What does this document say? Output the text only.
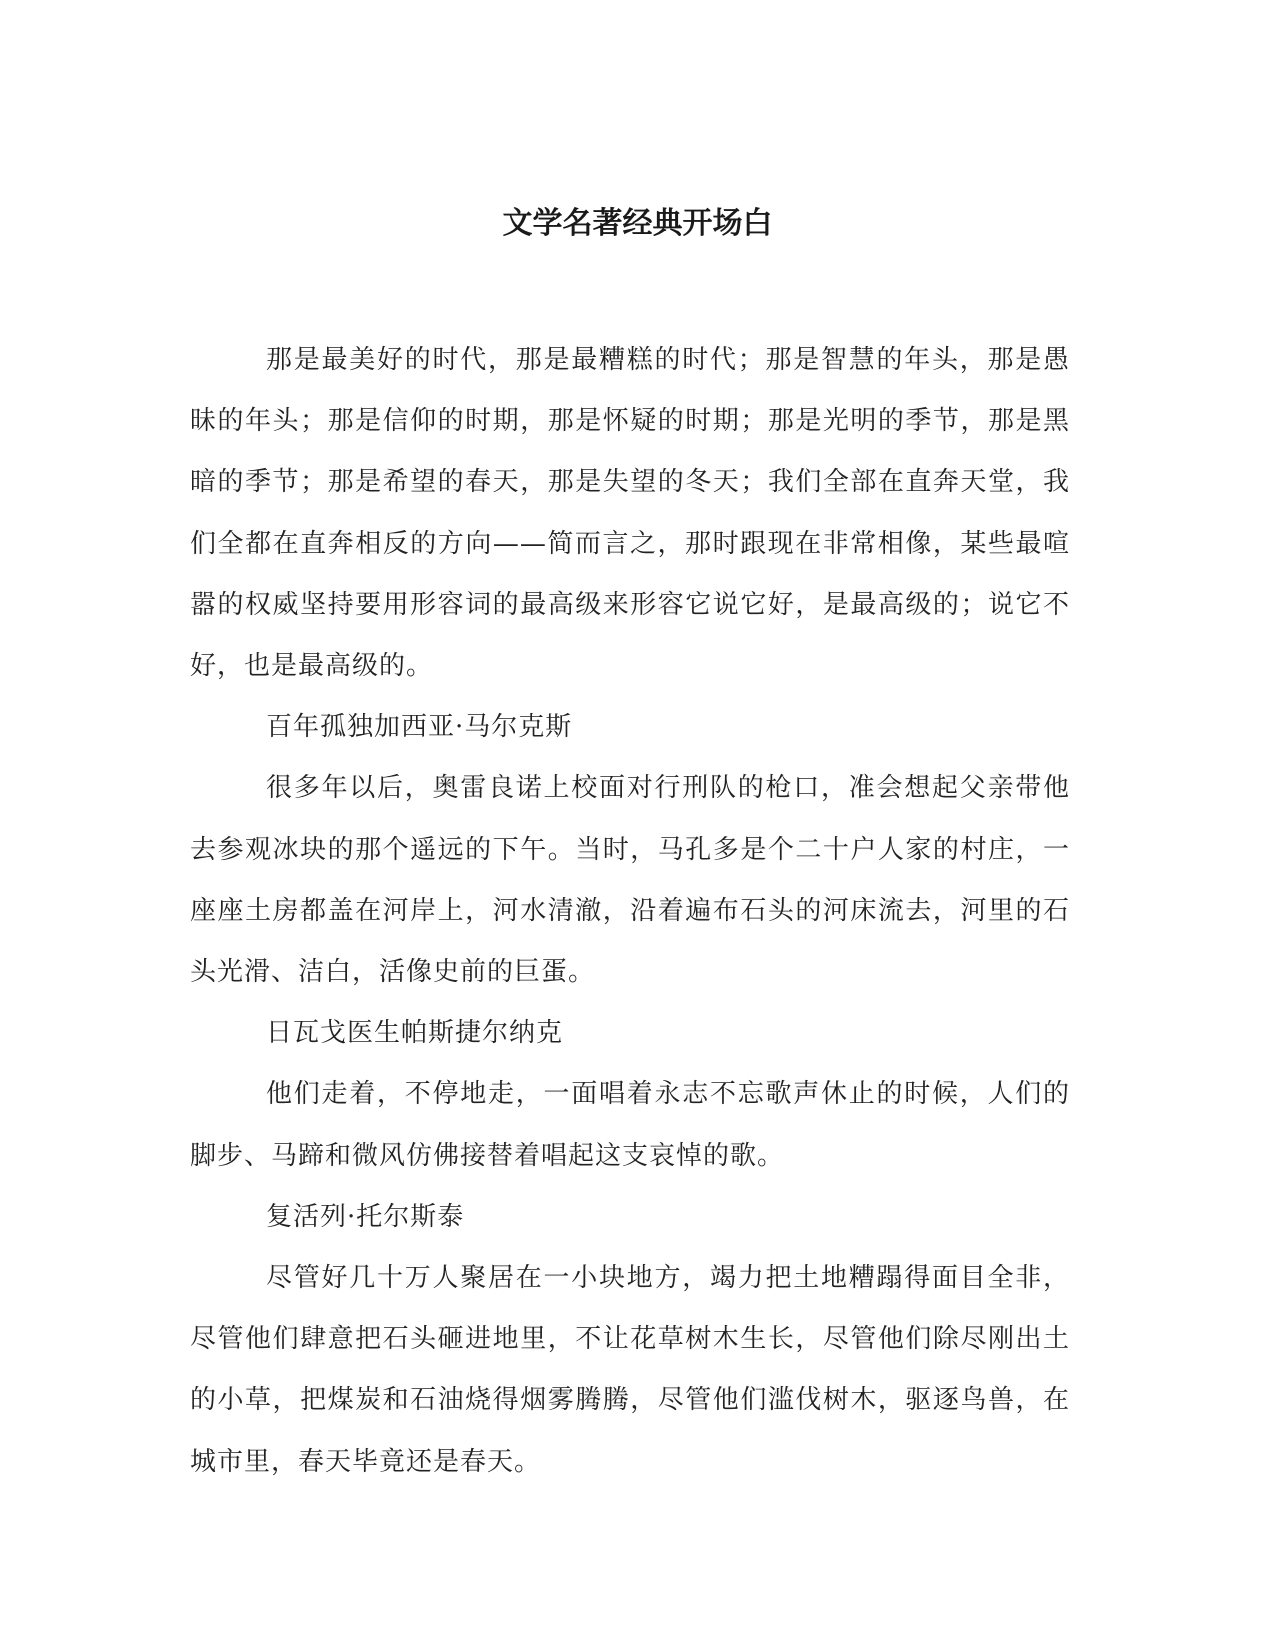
文学名著经典开场白

那是最美好的时代，那是最糟糕的时代；那是智慧的年头，那是愚昧的年头；那是信仰的时期，那是怀疑的时期；那是光明的季节，那是黑暗的季节；那是希望的春天，那是失望的冬天；我们全部在直奔天堂，我们全都在直奔相反的方向——简而言之，那时跟现在非常相像，某些最喧嚣的权威坚持要用形容词的最高级来形容它说它好，是最高级的；说它不好，也是最高级的。

百年孤独加西亚·马尔克斯

很多年以后，奥雷良诺上校面对行刑队的枪口，准会想起父亲带他去参观冰块的那个遥远的下午。当时，马孔多是个二十户人家的村庄，一座座土房都盖在河岸上，河水清澈，沿着遍布石头的河床流去，河里的石头光滑、洁白，活像史前的巨蛋。

日瓦戈医生帕斯捷尔纳克

他们走着，不停地走，一面唱着永志不忘歌声休止的时候，人们的脚步、马蹄和微风仿佛接替着唱起这支哀悼的歌。

复活列·托尔斯泰

尽管好几十万人聚居在一小块地方，竭力把土地糟蹋得面目全非，尽管他们肆意把石头砸进地里，不让花草树木生长，尽管他们除尽刚出土的小草，把煤炭和石油烧得烟雾腾腾，尽管他们滥伐树木，驱逐鸟兽，在城市里，春天毕竟还是春天。
